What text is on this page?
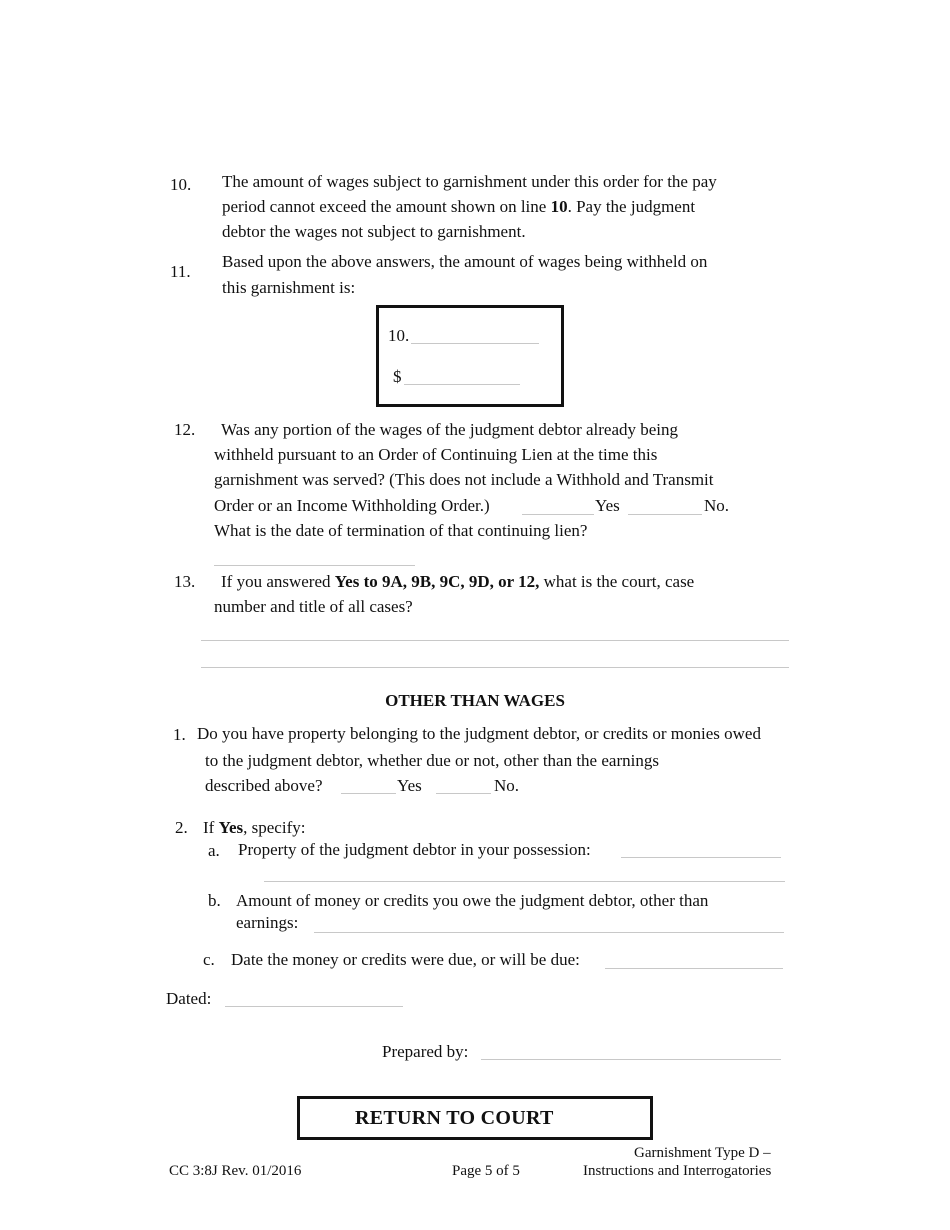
10. The amount of wages subject to garnishment under this order for the pay
period cannot exceed the amount shown on line 10. Pay the judgment
debtor the wages not subject to garnishment.
11.
Based upon the above answers, the amount of wages being withheld on
this garnishment is:
10.
$
12. Was any portion of the wages of the judgment debtor already being
withheld pursuant to an Order of Continuing Lien at the time this
garnishment was served? (This does not include a Withhold and Transmit
Order or an Income Withholding Order.)	Yes	No.
What is the date of termination of that continuing lien?
13. If you answered Yes to 9A, 9B, 9C, 9D, or 12, what is the court, case
number and title of all cases?
OTHER THAN WAGES
1. Do you have property belonging to the judgment debtor, or credits or monies owed
to the judgment debtor, whether due or not, other than the earnings
described above?	Yes	No.
2. If Yes, specify:
a. Property of the judgment debtor in your possession:
b. Amount of money or credits you owe the judgment debtor, other than
earnings:
c. Date the money or credits were due, or will be due:
Dated:
Prepared by:
RETURN TO COURT
CC 3:8J Rev. 01/2016	Page 5 of 5
Garnishment Type D –
Instructions and Interrogatories
